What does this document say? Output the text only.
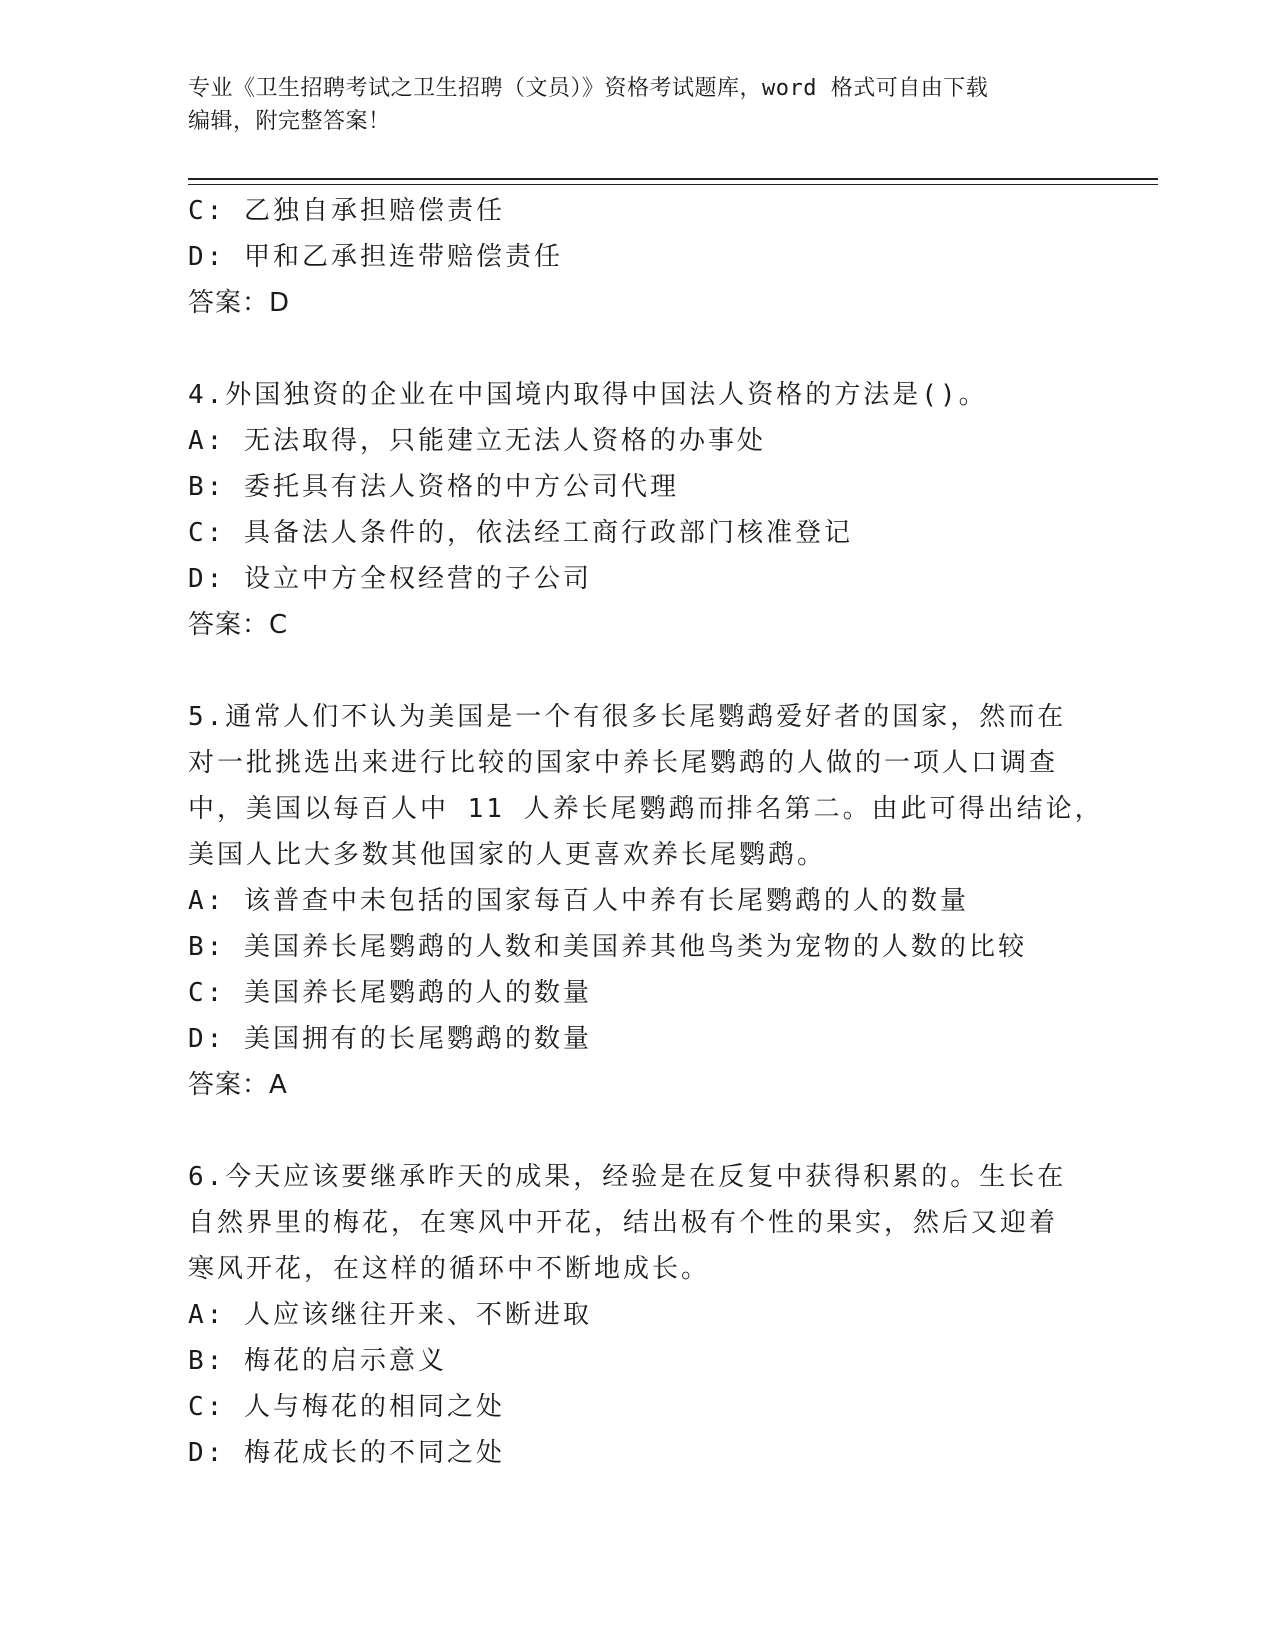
专业《卫生招聘考试之卫生招聘（文员）》资格考试题库，word 格式可自由下载
编辑，附完整答案！
C: 乙独自承担赔偿责任
D: 甲和乙承担连带赔偿责任
答案：D
4.外国独资的企业在中国境内取得中国法人资格的方法是()。
A: 无法取得，只能建立无法人资格的办事处
B: 委托具有法人资格的中方公司代理
C: 具备法人条件的，依法经工商行政部门核准登记
D: 设立中方全权经营的子公司
答案：C
5.通常人们不认为美国是一个有很多长尾鹦鹉爱好者的国家，然而在
对一批挑选出来进行比较的国家中养长尾鹦鹉的人做的一项人口调查
中，美国以每百人中 11 人养长尾鹦鹉而排名第二。由此可得出结论，
美国人比大多数其他国家的人更喜欢养长尾鹦鹉。
A: 该普查中未包括的国家每百人中养有长尾鹦鹉的人的数量
B: 美国养长尾鹦鹉的人数和美国养其他鸟类为宠物的人数的比较
C: 美国养长尾鹦鹉的人的数量
D: 美国拥有的长尾鹦鹉的数量
答案：A
6.今天应该要继承昨天的成果，经验是在反复中获得积累的。生长在
自然界里的梅花，在寒风中开花，结出极有个性的果实，然后又迎着
寒风开花，在这样的循环中不断地成长。
A: 人应该继往开来、不断进取
B: 梅花的启示意义
C: 人与梅花的相同之处
D: 梅花成长的不同之处
